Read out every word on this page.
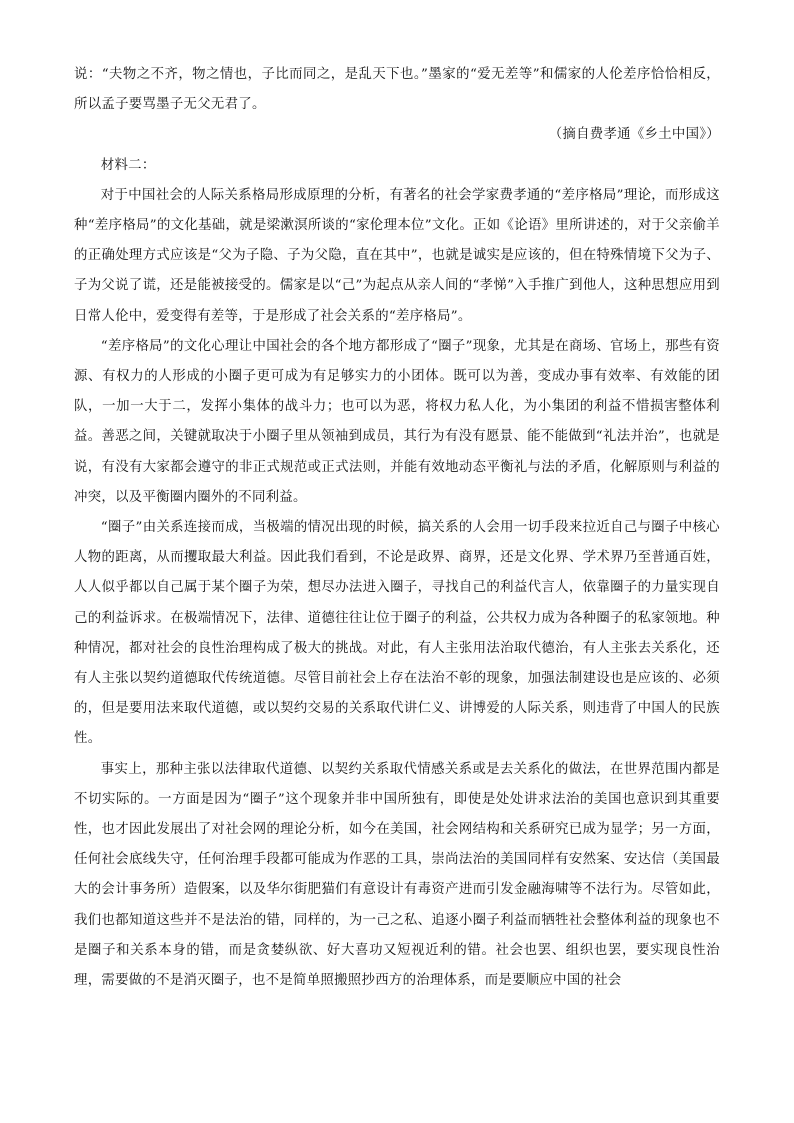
说：“夫物之不齐，物之情也，子比而同之，是乱天下也。”墨家的“爱无差等”和儒家的人伦差序恰恰相反，所以孟子要骂墨子无父无君了。

（摘自费孝通《乡土中国》）

材料二：

对于中国社会的人际关系格局形成原理的分析，有著名的社会学家费孝通的“差序格局”理论，而形成这种“差序格局”的文化基础，就是梁漱溟所谈的“家伦理本位”文化。正如《论语》里所讲述的，对于父亲偷羊的正确处理方式应该是“父为子隐、子为父隐，直在其中”，也就是诚实是应该的，但在特殊情境下父为子、子为父说了谎，还是能被接受的。儒家是以“己”为起点从亲人间的“孝悌”入手推广到他人，这种思想应用到日常人伦中，爱变得有差等，于是形成了社会关系的“差序格局”。

“差序格局”的文化心理让中国社会的各个地方都形成了“圈子”现象，尤其是在商场、官场上，那些有资源、有权力的人形成的小圈子更可成为有足够实力的小团体。既可以为善，变成办事有效率、有效能的团队，一加一大于二，发挥小集体的战斗力；也可以为恶，将权力私人化，为小集团的利益不惜损害整体利益。善恶之间，关键就取决于小圈子里从领袖到成员，其行为有没有愿景、能不能做到“礼法并治”，也就是说，有没有大家都会遵守的非正式规范或正式法则，并能有效地动态平衡礼与法的矛盾，化解原则与利益的冲突，以及平衡圈内圈外的不同利益。

“圈子”由关系连接而成，当极端的情况出现的时候，搞关系的人会用一切手段来拉近自己与圈子中核心人物的距离，从而攫取最大利益。因此我们看到，不论是政界、商界，还是文化界、学术界乃至普通百姓，人人似乎都以自己属于某个圈子为荣，想尽办法进入圈子，寻找自己的利益代言人，依靠圈子的力量实现自己的利益诉求。在极端情况下，法律、道德往往让位于圈子的利益，公共权力成为各种圈子的私家领地。种种情况，都对社会的良性治理构成了极大的挑战。对此，有人主张用法治取代德治，有人主张去关系化，还有人主张以契约道德取代传统道德。尽管目前社会上存在法治不彰的现象，加强法制建设也是应该的、必须的，但是要用法来取代道德，或以契约交易的关系取代讲仁义、讲博爱的人际关系，则违背了中国人的民族性。

事实上，那种主张以法律取代道德、以契约关系取代情感关系或是去关系化的做法，在世界范围内都是不切实际的。一方面是因为“圈子”这个现象并非中国所独有，即使是处处讲求法治的美国也意识到其重要性，也才因此发展出了对社会网的理论分析，如今在美国，社会网结构和关系研究已成为显学；另一方面，任何社会底线失守，任何治理手段都可能成为作恶的工具，崇尚法治的美国同样有安然案、安达信（美国最大的会计事务所）造假案，以及华尔街肥猫们有意设计有毒资产进而引发金融海啸等不法行为。尽管如此，我们也都知道这些并不是法治的错，同样的，为一己之私、追逐小圈子利益而牺牲社会整体利益的现象也不是圈子和关系本身的错，而是贪婪纵欲、好大喜功又短视近利的错。社会也罢、组织也罢，要实现良性治理，需要做的不是消灭圈子，也不是简单照搬照抄西方的治理体系，而是要顺应中国的社会
